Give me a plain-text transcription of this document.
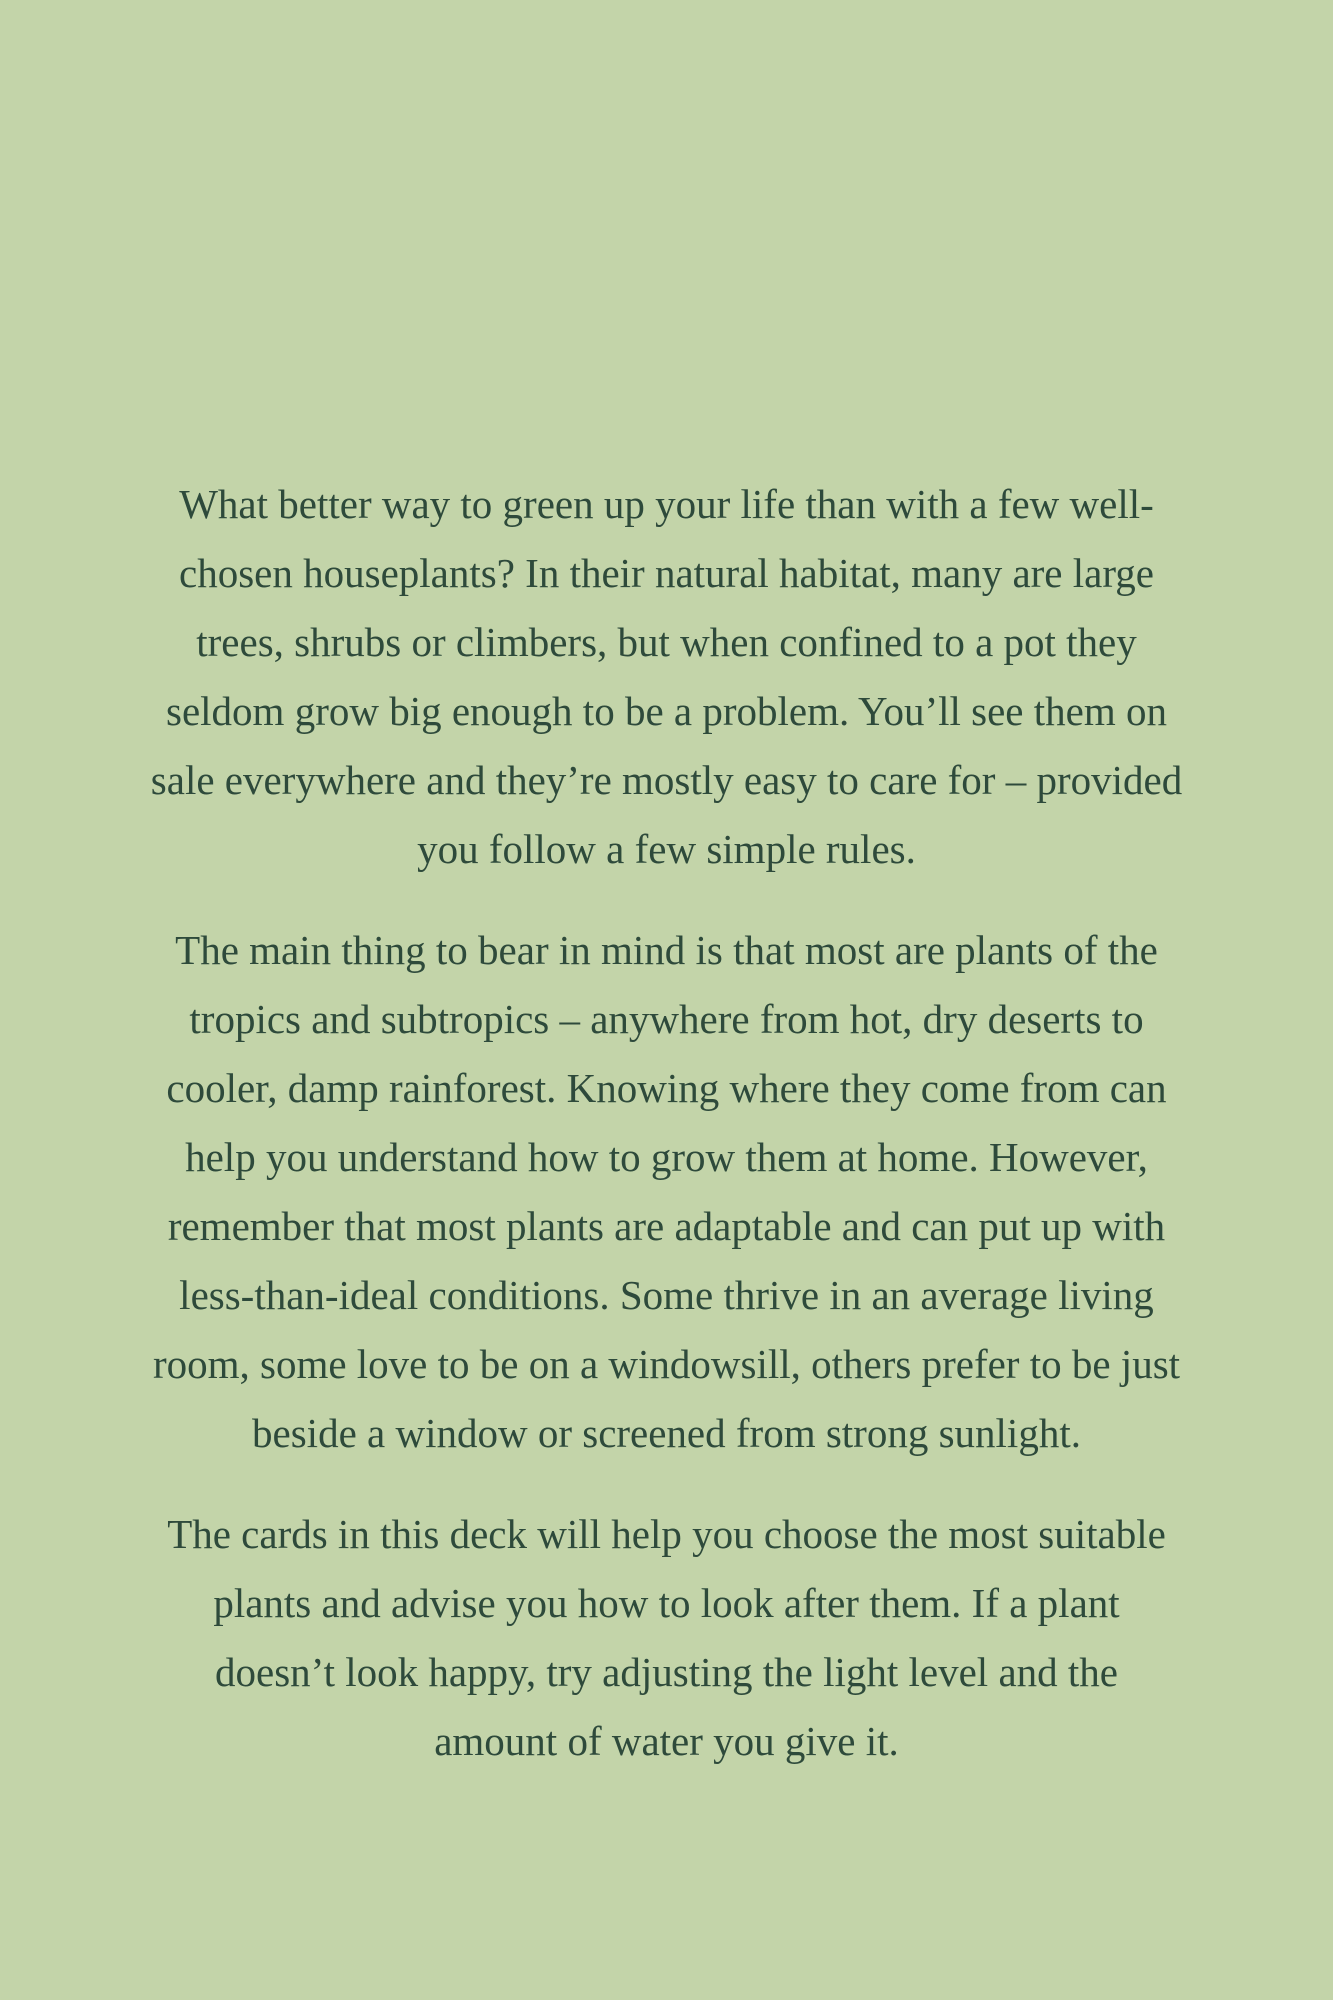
What better way to green up your life than with a few well-
chosen houseplants? In their natural habitat, many are large
trees, shrubs or climbers, but when confined to a pot they
seldom grow big enough to be a problem. You’ll see them on
sale everywhere and they’re mostly easy to care for – provided
you follow a few simple rules.
The main thing to bear in mind is that most are plants of the
tropics and subtropics – anywhere from hot, dry deserts to
cooler, damp rainforest. Knowing where they come from can
help you understand how to grow them at home. However,
remember that most plants are adaptable and can put up with
less-than-ideal conditions. Some thrive in an average living
room, some love to be on a windowsill, others prefer to be just
beside a window or screened from strong sunlight.
The cards in this deck will help you choose the most suitable
plants and advise you how to look after them. If a plant
doesn’t look happy, try adjusting the light level and the
amount of water you give it.
